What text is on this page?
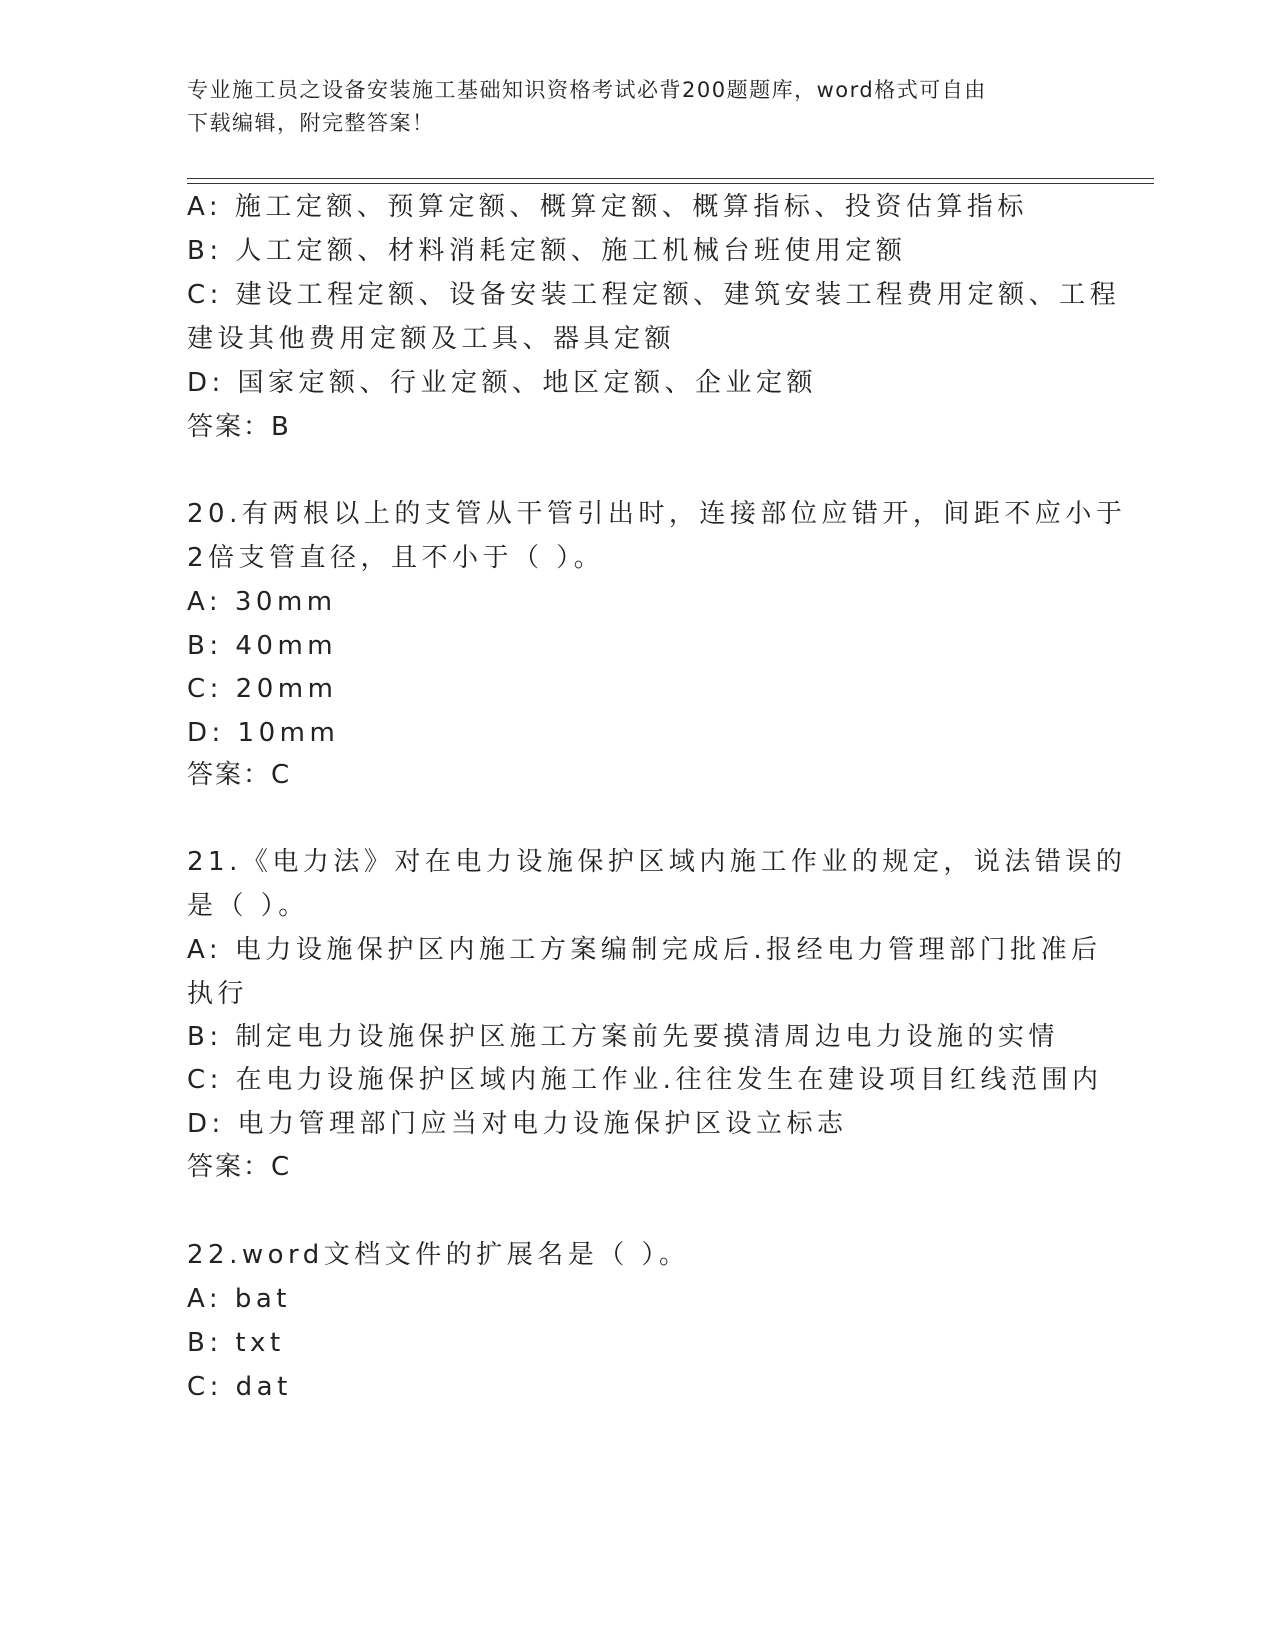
专业施工员之设备安装施工基础知识资格考试必背200题题库，word格式可自由
下载编辑，附完整答案！
A: 施工定额、预算定额、概算定额、概算指标、投资估算指标
B: 人工定额、材料消耗定额、施工机械台班使用定额
C: 建设工程定额、设备安装工程定额、建筑安装工程费用定额、工程
建设其他费用定额及工具、器具定额
D: 国家定额、行业定额、地区定额、企业定额
答案：B
20.有两根以上的支管从干管引出时，连接部位应错开，间距不应小于
2倍支管直径，且不小于（ ）。
A: 30mm
B: 40mm
C: 20mm
D: 10mm
答案：C
21.《电力法》对在电力设施保护区域内施工作业的规定，说法错误的
是（ ）。
A: 电力设施保护区内施工方案编制完成后.报经电力管理部门批准后
执行
B: 制定电力设施保护区施工方案前先要摸清周边电力设施的实情
C: 在电力设施保护区域内施工作业.往往发生在建设项目红线范围内
D: 电力管理部门应当对电力设施保护区设立标志
答案：C
22.word文档文件的扩展名是（ ）。
A: bat
B: txt
C: dat
